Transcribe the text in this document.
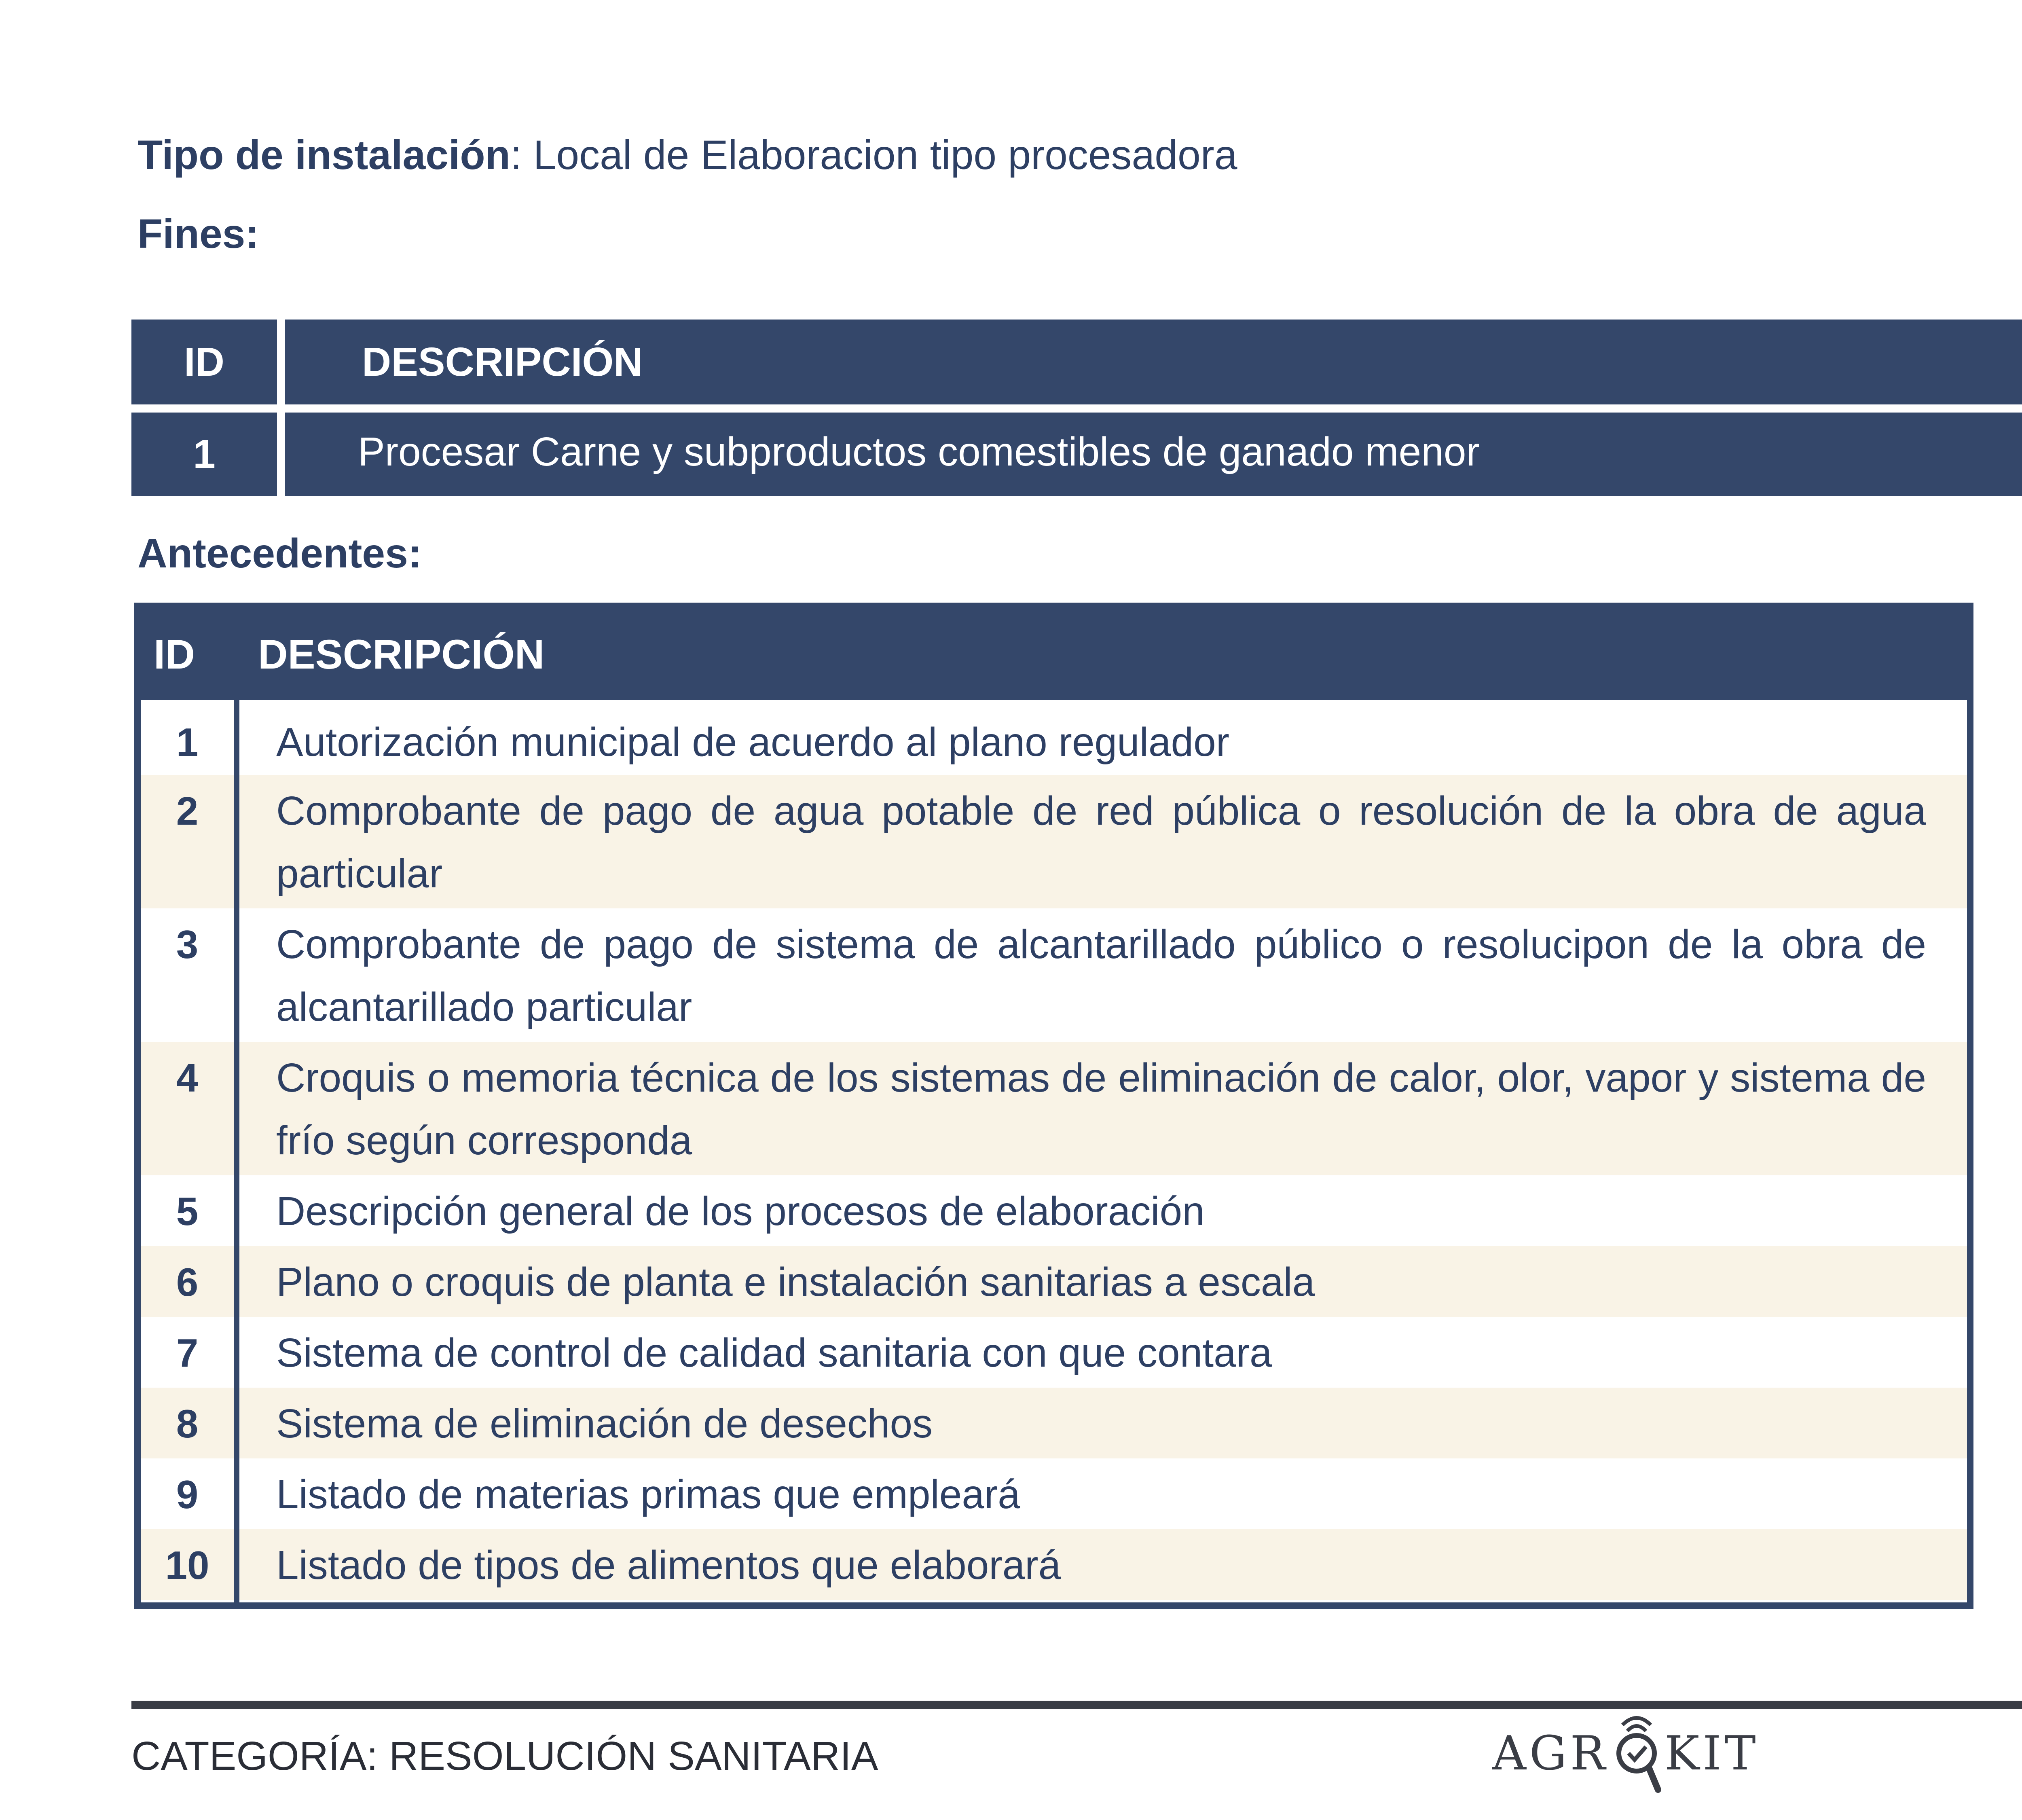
Tipo de instalación: Local de Elaboracion tipo procesadora
Fines:
ID	DESCRIPCIÓN
1	Procesar Carne y subproductos comestibles de ganado menor
Antecedentes:
ID DESCRIPCIÓN
1	Autorización municipal de acuerdo al plano regulador
2	Comprobante de pago de agua potable de red pública o resolución de la obra de agua particular
3	Comprobante de pago de sistema de alcantarillado público o resolucipon de la obra de alcantarillado particular
4	Croquis o memoria técnica de los sistemas de eliminación de calor, olor, vapor y sistema de frío según corresponda
5	Descripción general de los procesos de elaboración
6	Plano o croquis de planta e instalación sanitarias a escala
7	Sistema de control de calidad sanitaria con que contara
8	Sistema de eliminación de desechos
9	Listado de materias primas que empleará
10	Listado de tipos de alimentos que elaborará
CATEGORÍA: RESOLUCIÓN SANITARIA	AGR KIT
